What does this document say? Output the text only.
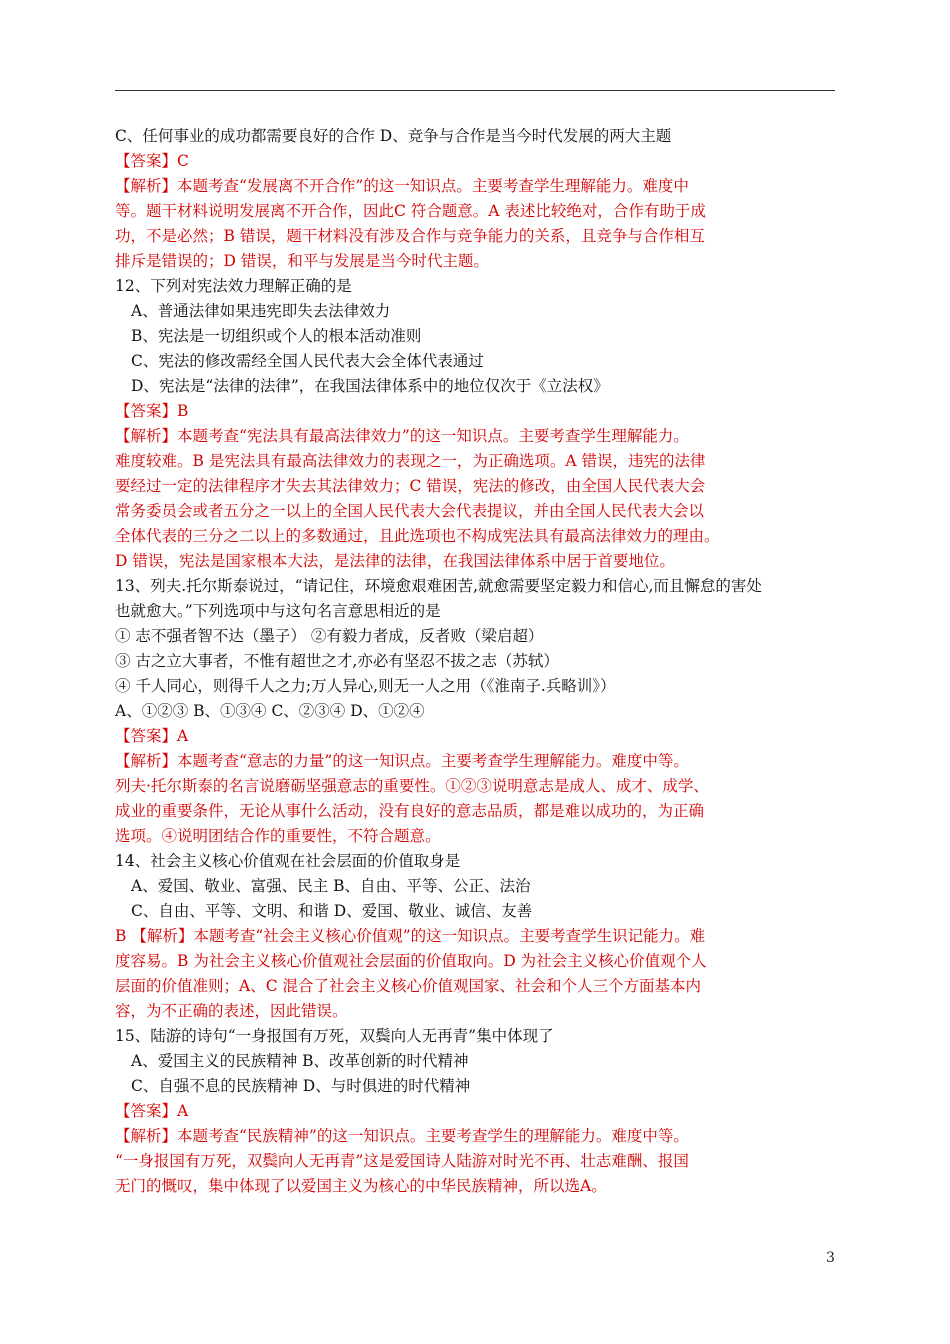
C、任何事业的成功都需要良好的合作 D、竞争与合作是当今时代发展的两大主题
【答案】C
【解析】本题考查“发展离不开合作”的这一知识点。主要考查学生理解能力。难度中
等。题干材料说明发展离不开合作，因此C 符合题意。A 表述比较绝对，合作有助于成
功，不是必然；B 错误，题干材料没有涉及合作与竞争能力的关系，且竞争与合作相互
排斥是错误的；D 错误，和平与发展是当今时代主题。
12、下列对宪法效力理解正确的是
A、普通法律如果违宪即失去法律效力
B、宪法是一切组织或个人的根本活动准则
C、宪法的修改需经全国人民代表大会全体代表通过
D、宪法是“法律的法律”，在我国法律体系中的地位仅次于《立法权》
【答案】B
【解析】本题考查“宪法具有最高法律效力”的这一知识点。主要考查学生理解能力。
难度较难。B 是宪法具有最高法律效力的表现之一，为正确选项。A 错误，违宪的法律
要经过一定的法律程序才失去其法律效力；C 错误，宪法的修改，由全国人民代表大会
常务委员会或者五分之一以上的全国人民代表大会代表提议，并由全国人民代表大会以
全体代表的三分之二以上的多数通过，且此选项也不构成宪法具有最高法律效力的理由。
D 错误，宪法是国家根本大法，是法律的法律，在我国法律体系中居于首要地位。
13、列夫.托尔斯泰说过，“请记住，环境愈艰难困苦,就愈需要坚定毅力和信心,而且懈怠的害处
也就愈大。”下列选项中与这句名言意思相近的是
① 志不强者智不达（墨子） ②有毅力者成，反者败（梁启超）
③ 古之立大事者，不惟有超世之才,亦必有坚忍不拔之志（苏轼）
④ 千人同心，则得千人之力;万人异心,则无一人之用（《淮南子.兵略训》）
A、①②③ B、①③④ C、②③④ D、①②④
【答案】A
【解析】本题考查“意志的力量”的这一知识点。主要考查学生理解能力。难度中等。
列夫·托尔斯泰的名言说磨砺坚强意志的重要性。①②③说明意志是成人、成才、成学、
成业的重要条件，无论从事什么活动，没有良好的意志品质，都是难以成功的，为正确
选项。④说明团结合作的重要性，不符合题意。
14、社会主义核心价值观在社会层面的价值取身是
A、爱国、敬业、富强、民主 B、自由、平等、公正、法治
C、自由、平等、文明、和谐 D、爱国、敬业、诚信、友善
B 【解析】本题考查“社会主义核心价值观”的这一知识点。主要考查学生识记能力。难
度容易。B 为社会主义核心价值观社会层面的价值取向。D 为社会主义核心价值观个人
层面的价值准则；A、C 混合了社会主义核心价值观国家、社会和个人三个方面基本内
容，为不正确的表述，因此错误。
15、陆游的诗句“一身报国有万死，双鬓向人无再青”集中体现了
A、爱国主义的民族精神 B、改革创新的时代精神
C、自强不息的民族精神 D、与时俱进的时代精神
【答案】A
【解析】本题考查“民族精神”的这一知识点。主要考查学生的理解能力。难度中等。
“一身报国有万死，双鬓向人无再青”这是爱国诗人陆游对时光不再、壮志难酬、报国
无门的慨叹，集中体现了以爱国主义为核心的中华民族精神，所以选A。
3
